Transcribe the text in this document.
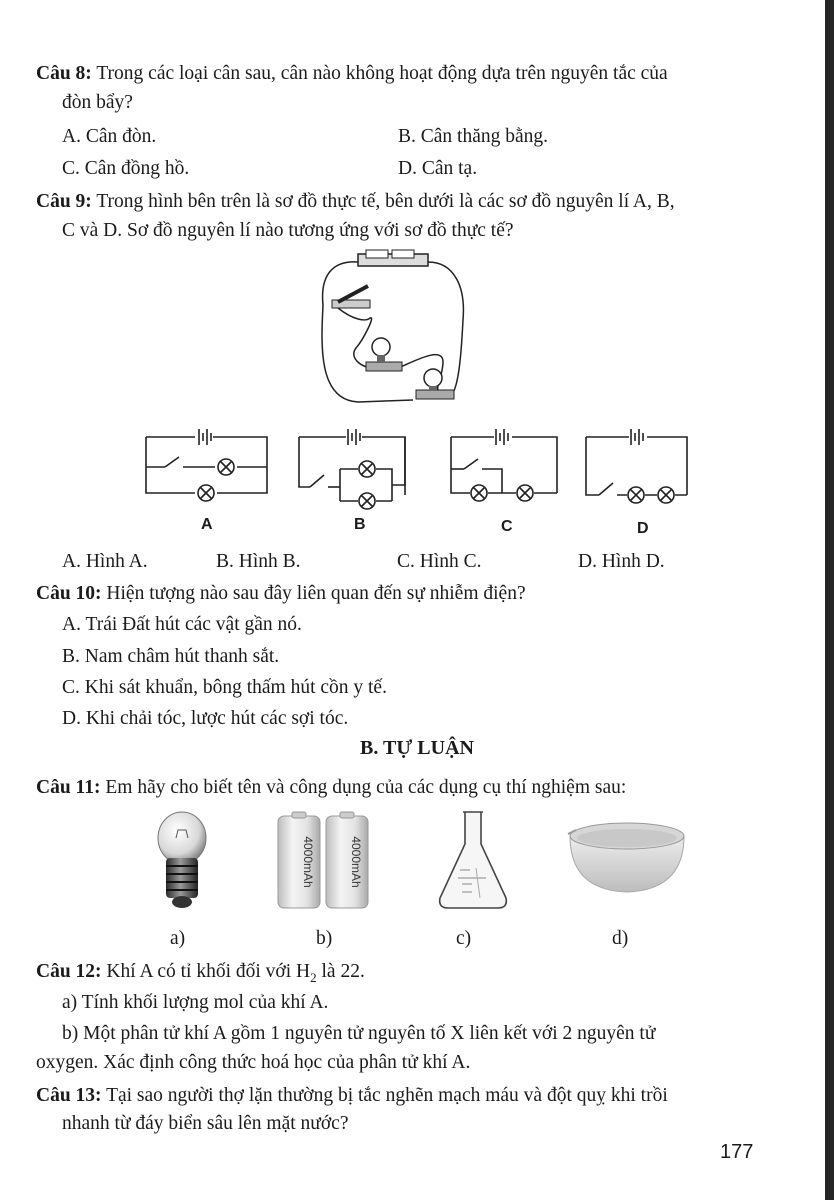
Câu 8: Trong các loại cân sau, cân nào không hoạt động dựa trên nguyên tắc của
đòn bẩy?
A. Cân đòn.	B. Cân thăng bằng.
C. Cân đồng hồ.	D. Cân tạ.
Câu 9: Trong hình bên trên là sơ đồ thực tế, bên dưới là các sơ đồ nguyên lí A, B,
C và D. Sơ đồ nguyên lí nào tương ứng với sơ đồ thực tế?
A	B	C	D
A. Hình A.	B. Hình B.	C. Hình C.	D. Hình D.
Câu 10: Hiện tượng nào sau đây liên quan đến sự nhiễm điện?
A. Trái Đất hút các vật gần nó.
B. Nam châm hút thanh sắt.
C. Khi sát khuẩn, bông thấm hút cồn y tế.
D. Khi chải tóc, lược hút các sợi tóc.
B. TỰ LUẬN
Câu 11: Em hãy cho biết tên và công dụng của các dụng cụ thí nghiệm sau:
4000mAh	4000mAh
a)	b)	c)	d)
Câu 12: Khí A có tỉ khối đối với $H_2$ là 22.
a) Tính khối lượng mol của khí A.
b) Một phân tử khí A gồm 1 nguyên tử nguyên tố X liên kết với 2 nguyên tử
oxygen. Xác định công thức hoá học của phân tử khí A.
Câu 13: Tại sao người thợ lặn thường bị tắc nghẽn mạch máu và đột quỵ khi trồi
nhanh từ đáy biển sâu lên mặt nước?
177
